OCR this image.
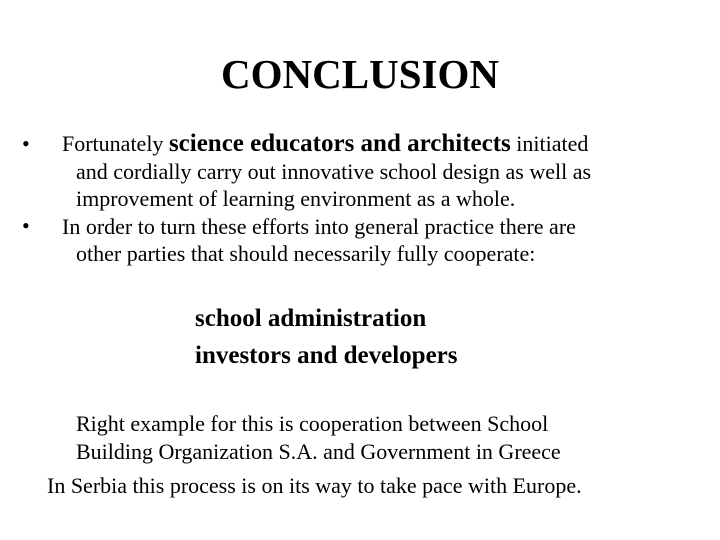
CONCLUSION
• Fortunately science educators and architects initiated
and cordially carry out innovative school design as well as
improvement of learning environment as a whole.
• In order to turn these efforts into general practice there are
other parties that should necessarily fully cooperate:
school administration
investors and developers
Right example for this is cooperation between School
Building Organization S.A. and Government in Greece
In Serbia this process is on its way to take pace with Europe.
